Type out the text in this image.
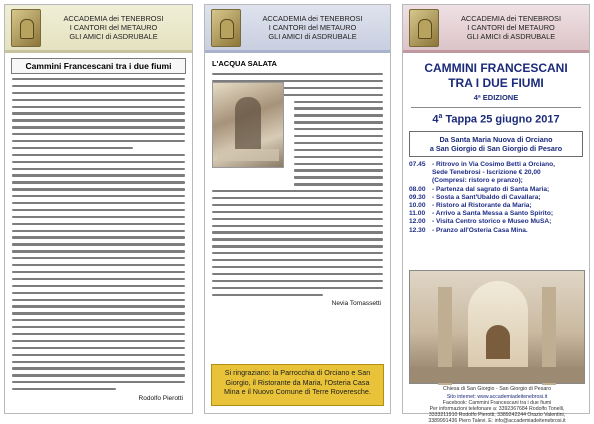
ACCADEMIA dei TENEBROSI
I CANTORI del METAURO
GLI AMICI di ASDRUBALE
Cammini Francescani tra i due fiumi
Rodolfo Pierotti
ACCADEMIA dei TENEBROSI
I CANTORI del METAURO
GLI AMICI di ASDRUBALE
L'ACQUA SALATA
Nevia Tomassetti
Si ringraziano: la Parrocchia di Orciano e San
Giorgio, il Ristorante da Maria, l'Osteria Casa
Mina e il Nuovo Comune di Terre Roveresche.
ACCADEMIA dei TENEBROSI
I CANTORI del METAURO
GLI AMICI di ASDRUBALE
CAMMINI FRANCESCANI
TRA I DUE FIUMI
4ª EDIZIONE
4$^a$ Tappa 25 giugno 2017
Da Santa Maria Nuova di Orciano
a San Giorgio di San Giorgio di Pesaro
07.45 - Ritrovo in Via Cosimo Betti a Orciano,
Sede Tenebrosi - Iscrizione € 20,00
(Compresi: ristoro e pranzo);
08.00 - Partenza dal sagrato di Santa Maria;
09.30 - Sosta a Sant'Ubaldo di Cavallara;
10.00 - Ristoro al Ristorante da Maria;
11.00	- Arrivo a Santa Messa a Santo Spirito;
12.00 - Visita Centro storico e Museo MuSA;
12.30 - Pranzo all'Osteria Casa Mina.
Chiesa di San Giorgio - San Giorgio di Pesaro
Sito internet: www.accademiadeitenebrosi.it
Facebook: Cammini Francescani tra i due fiumi
Per informazioni telefonare a: 3392367684 Rodolfo Tonelli,
3333211910 Rodolfo Pierotti, 3389242244 Orazio Valentini,
3389991436 Piero Talevi. E: info@accademiadeitenebrosi.it
